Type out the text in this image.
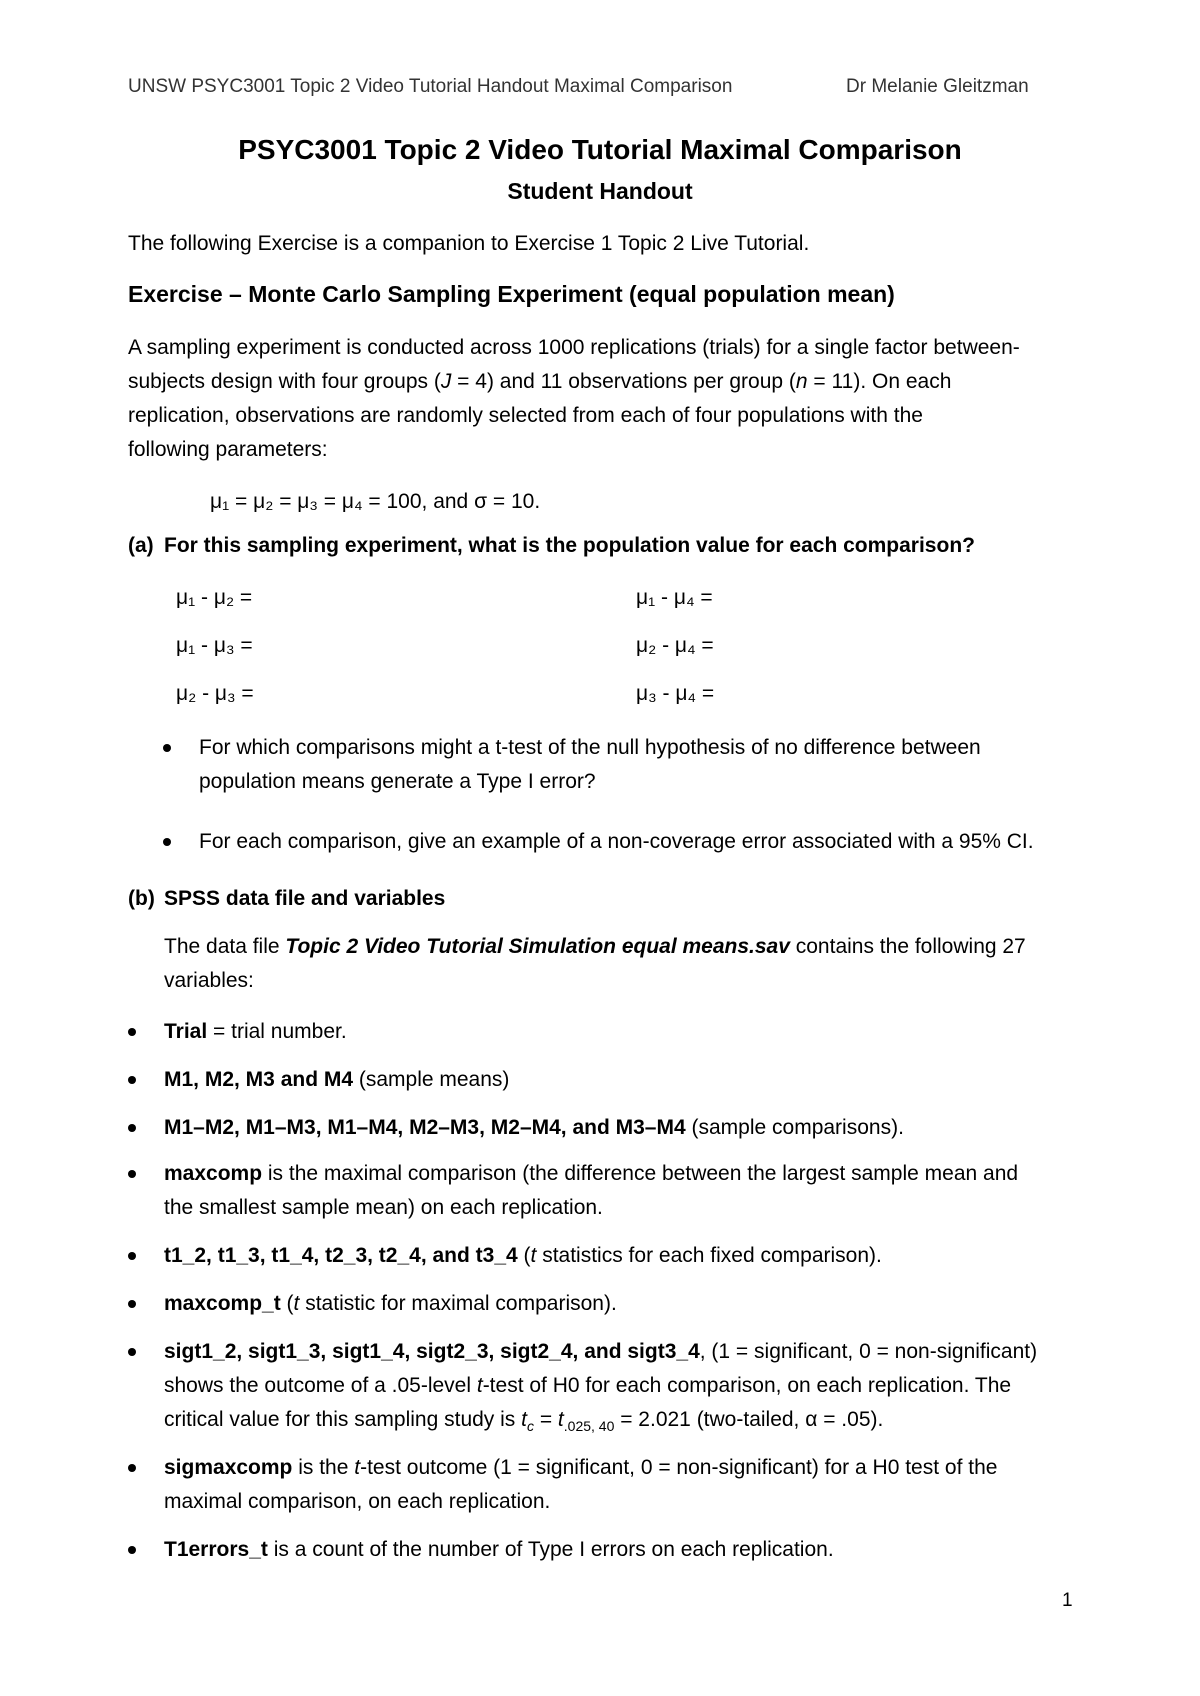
UNSW PSYC3001 Topic 2 Video Tutorial Handout Maximal Comparison	Dr Melanie Gleitzman
PSYC3001 Topic 2 Video Tutorial Maximal Comparison
Student Handout
The following Exercise is a companion to Exercise 1 Topic 2 Live Tutorial.
Exercise – Monte Carlo Sampling Experiment (equal population mean)
A sampling experiment is conducted across 1000 replications (trials) for a single factor between-
subjects design with four groups (J = 4) and 11 observations per group (n = 11). On each
replication, observations are randomly selected from each of four populations with the
following parameters:
μ₁ = μ₂ = μ₃ = μ₄ = 100, and σ = 10.
(a) For this sampling experiment, what is the population value for each comparison?
μ₁ - μ₂ =
μ₁ - μ₃ =
μ₂ - μ₃ =
μ₁ - μ₄ =
μ₂ - μ₄ =
μ₃ - μ₄ =
For which comparisons might a t-test of the null hypothesis of no difference between
population means generate a Type I error?
For each comparison, give an example of a non-coverage error associated with a 95% CI.
(b) SPSS data file and variables
The data file Topic 2 Video Tutorial Simulation equal means.sav contains the following 27
variables:
Trial = trial number.
M1, M2, M3 and M4 (sample means)
M1–M2, M1–M3, M1–M4, M2–M3, M2–M4, and M3–M4 (sample comparisons).
maxcomp is the maximal comparison (the difference between the largest sample mean and
the smallest sample mean) on each replication.
t1_2, t1_3, t1_4, t2_3, t2_4, and t3_4 (t statistics for each fixed comparison).
maxcomp_t (t statistic for maximal comparison).
sigt1_2, sigt1_3, sigt1_4, sigt2_3, sigt2_4, and sigt3_4, (1 = significant, 0 = non-significant)
shows the outcome of a .05-level t-test of H0 for each comparison, on each replication. The
critical value for this sampling study is $t_c = t_{.025, 40} = 2.021$ (two-tailed, α = .05).
sigmaxcomp is the t-test outcome (1 = significant, 0 = non-significant) for a H0 test of the
maximal comparison, on each replication.
T1errors_t is a count of the number of Type I errors on each replication.
1
